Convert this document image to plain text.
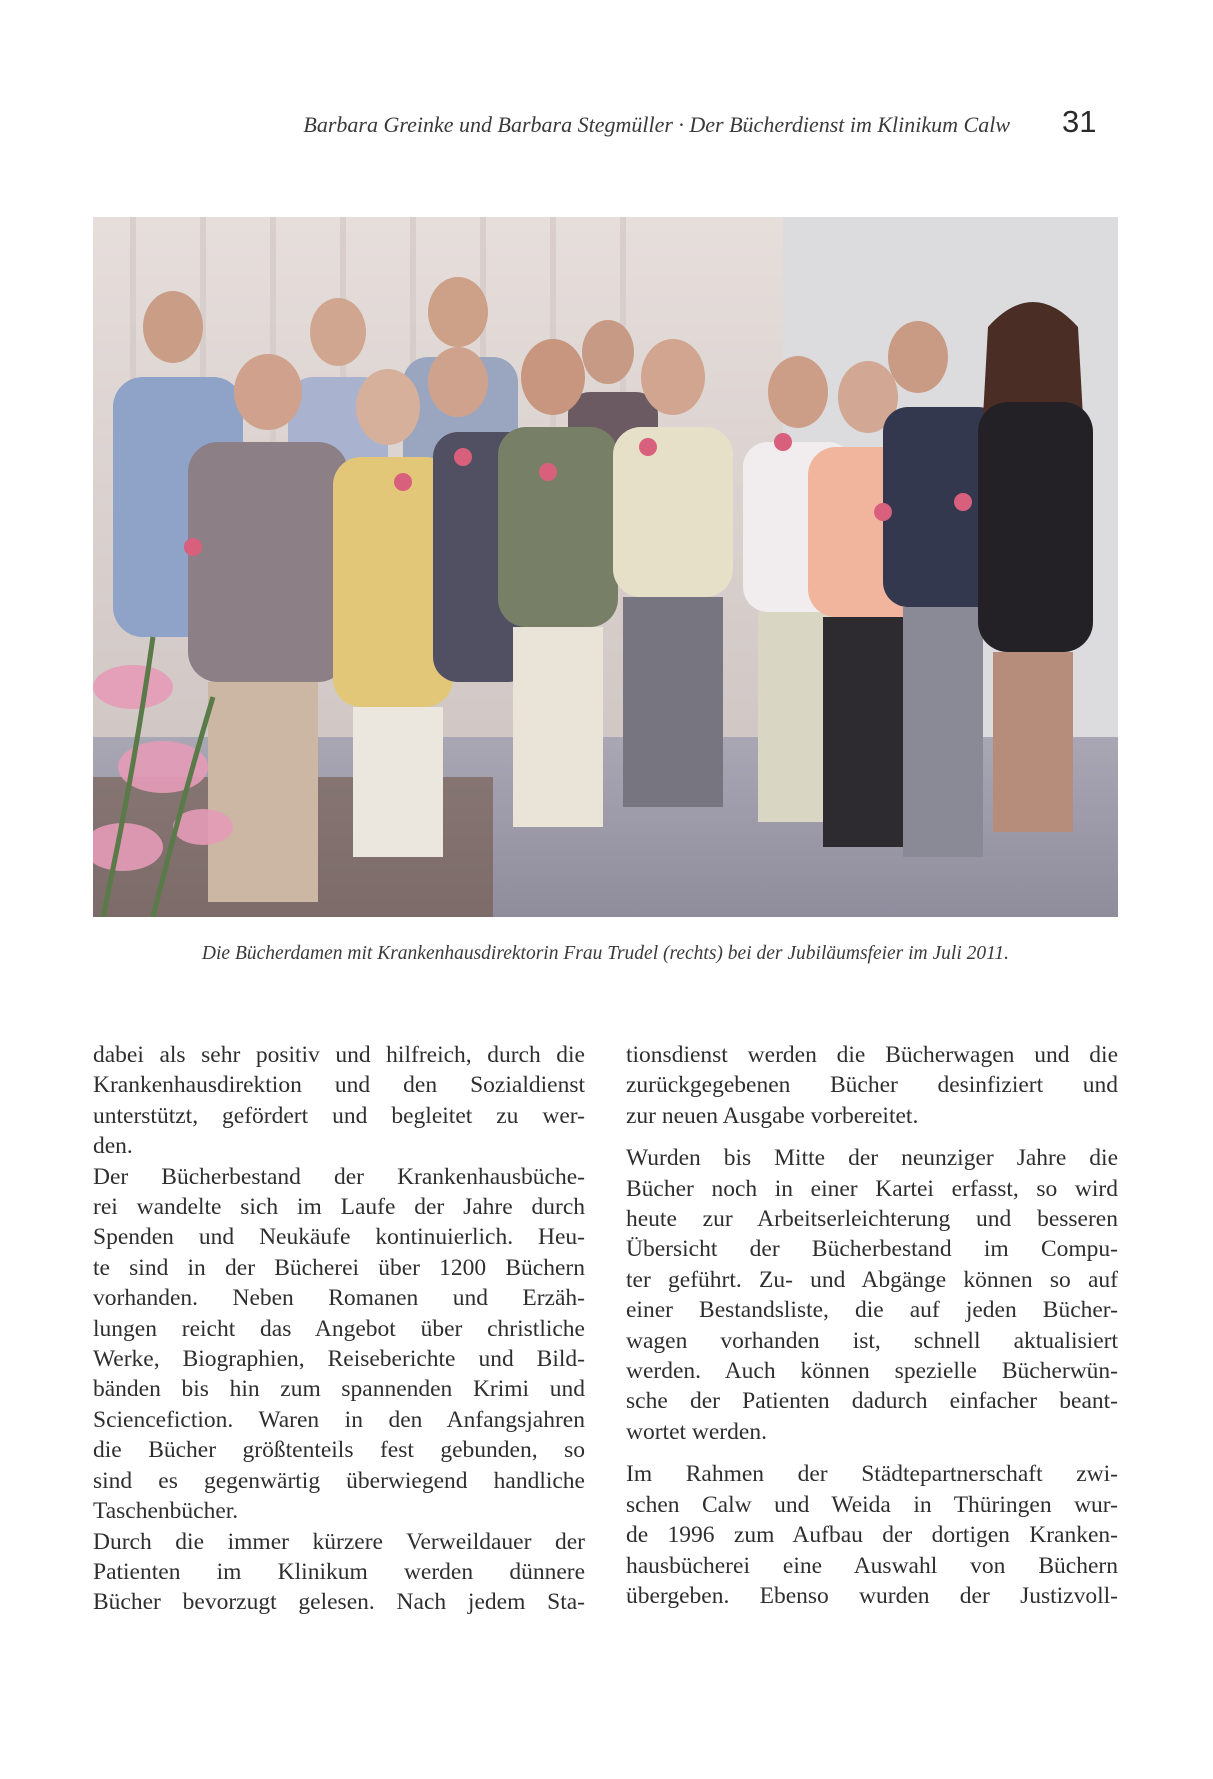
Barbara Greinke und Barbara Stegmüller · Der Bücherdienst im Klinikum Calw	31
Die Bücherdamen mit Krankenhausdirektorin Frau Trudel (rechts) bei der Jubiläumsfeier im Juli 2011.
dabei als sehr positiv und hilfreich, durch die
Krankenhausdirektion und den Sozialdienst
unterstützt, gefördert und begleitet zu wer-
den.
Der Bücherbestand der Krankenhausbüche-
rei wandelte sich im Laufe der Jahre durch
Spenden und Neukäufe kontinuierlich. Heu-
te sind in der Bücherei über 1200 Büchern
vorhanden. Neben Romanen und Erzäh-
lungen reicht das Angebot über christliche
Werke, Biographien, Reiseberichte und Bild-
bänden bis hin zum spannenden Krimi und
Sciencefiction. Waren in den Anfangsjahren
die Bücher größtenteils fest gebunden, so
sind es gegenwärtig überwiegend handliche
Taschenbücher.
Durch die immer kürzere Verweildauer der
Patienten im Klinikum werden dünnere
Bücher bevorzugt gelesen. Nach jedem Sta-
tionsdienst werden die Bücherwagen und die
zurückgegebenen Bücher desinfiziert und
zur neuen Ausgabe vorbereitet.
Wurden bis Mitte der neunziger Jahre die
Bücher noch in einer Kartei erfasst, so wird
heute zur Arbeitserleichterung und besseren
Übersicht der Bücherbestand im Compu-
ter geführt. Zu- und Abgänge können so auf
einer Bestandsliste, die auf jeden Bücher-
wagen vorhanden ist, schnell aktualisiert
werden. Auch können spezielle Bücherwün-
sche der Patienten dadurch einfacher beant-
wortet werden.
Im Rahmen der Städtepartnerschaft zwi-
schen Calw und Weida in Thüringen wur-
de 1996 zum Aufbau der dortigen Kranken-
hausbücherei eine Auswahl von Büchern
übergeben. Ebenso wurden der Justizvoll-
